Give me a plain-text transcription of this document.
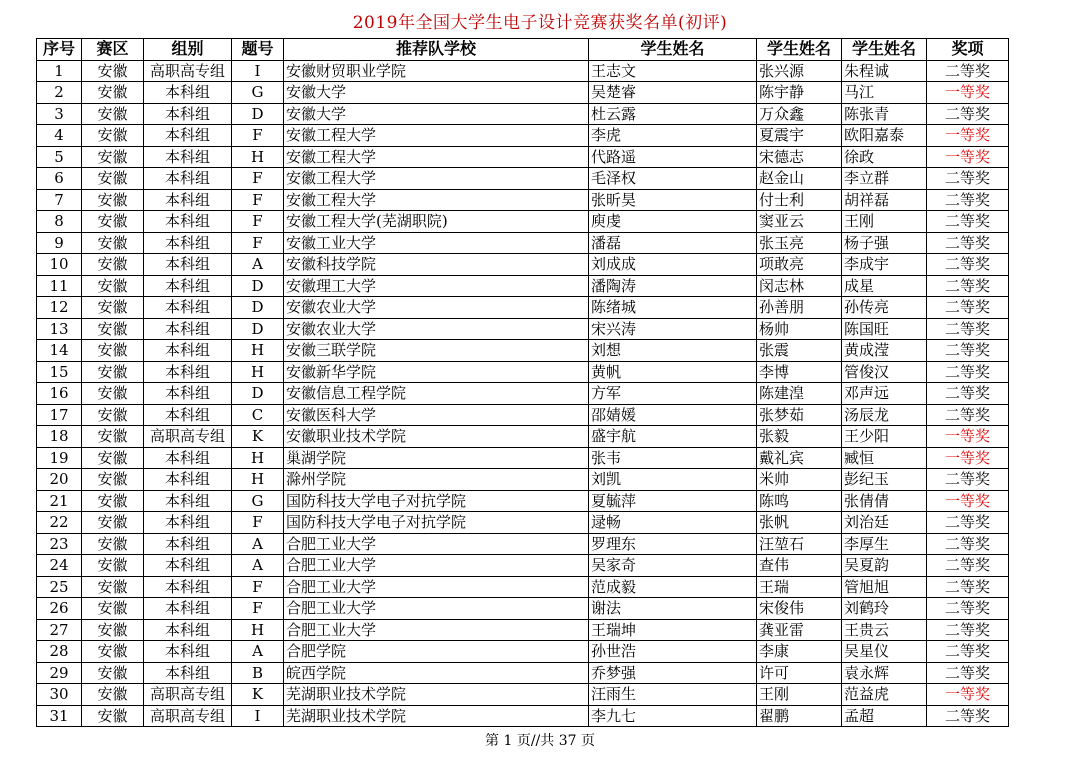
2019年全国大学生电子设计竞赛获奖名单(初评)
序号	赛区	组别	题号	推荐队学校	学生姓名	学生姓名	学生姓名	奖项
1	安徽	高职高专组	I	安徽财贸职业学院	王志文	张兴源	朱程诚	二等奖
2	安徽	本科组	G	安徽大学	吴楚睿	陈宇静	马江	一等奖
3	安徽	本科组	D	安徽大学	杜云露	万众鑫	陈张青	二等奖
4	安徽	本科组	F	安徽工程大学	李虎	夏震宇	欧阳嘉泰	一等奖
5	安徽	本科组	H	安徽工程大学	代路遥	宋德志	徐政	一等奖
6	安徽	本科组	F	安徽工程大学	毛泽权	赵金山	李立群	二等奖
7	安徽	本科组	F	安徽工程大学	张昕昊	付士利	胡祥磊	二等奖
8	安徽	本科组	F	安徽工程大学(芜湖职院)	庾虔	窦亚云	王刚	二等奖
9	安徽	本科组	F	安徽工业大学	潘磊	张玉亮	杨子强	二等奖
10	安徽	本科组	A	安徽科技学院	刘成成	项敢亮	李成宇	二等奖
11	安徽	本科组	D	安徽理工大学	潘陶涛	闵志林	成星	二等奖
12	安徽	本科组	D	安徽农业大学	陈绪城	孙善朋	孙传亮	二等奖
13	安徽	本科组	D	安徽农业大学	宋兴涛	杨帅	陈国旺	二等奖
14	安徽	本科组	H	安徽三联学院	刘想	张震	黄成滢	二等奖
15	安徽	本科组	H	安徽新华学院	黄帆	李博	管俊汉	二等奖
16	安徽	本科组	D	安徽信息工程学院	方军	陈建湟	邓声远	二等奖
17	安徽	本科组	C	安徽医科大学	邵婧媛	张梦茹	汤辰龙	二等奖
18	安徽	高职高专组	K	安徽职业技术学院	盛宇航	张毅	王少阳	一等奖
19	安徽	本科组	H	巢湖学院	张韦	戴礼宾	臧恒	一等奖
20	安徽	本科组	H	滁州学院	刘凯	米帅	彭纪玉	二等奖
21	安徽	本科组	G	国防科技大学电子对抗学院	夏毓萍	陈鸣	张倩倩	一等奖
22	安徽	本科组	F	国防科技大学电子对抗学院	逯畅	张帆	刘治廷	二等奖
23	安徽	本科组	A	合肥工业大学	罗理东	汪堃石	李厚生	二等奖
24	安徽	本科组	A	合肥工业大学	吴家奇	查伟	吴夏韵	二等奖
25	安徽	本科组	F	合肥工业大学	范成毅	王瑞	管旭旭	二等奖
26	安徽	本科组	F	合肥工业大学	谢法	宋俊伟	刘鹤玲	二等奖
27	安徽	本科组	H	合肥工业大学	王瑞坤	龚亚雷	王贵云	二等奖
28	安徽	本科组	A	合肥学院	孙世浩	李康	吴星仪	二等奖
29	安徽	本科组	B	皖西学院	乔梦强	许可	袁永辉	二等奖
30	安徽	高职高专组	K	芜湖职业技术学院	汪雨生	王刚	范益虎	一等奖
31	安徽	高职高专组	I	芜湖职业技术学院	李九七	翟鹏	孟超	二等奖
第 1 页//共 37 页
